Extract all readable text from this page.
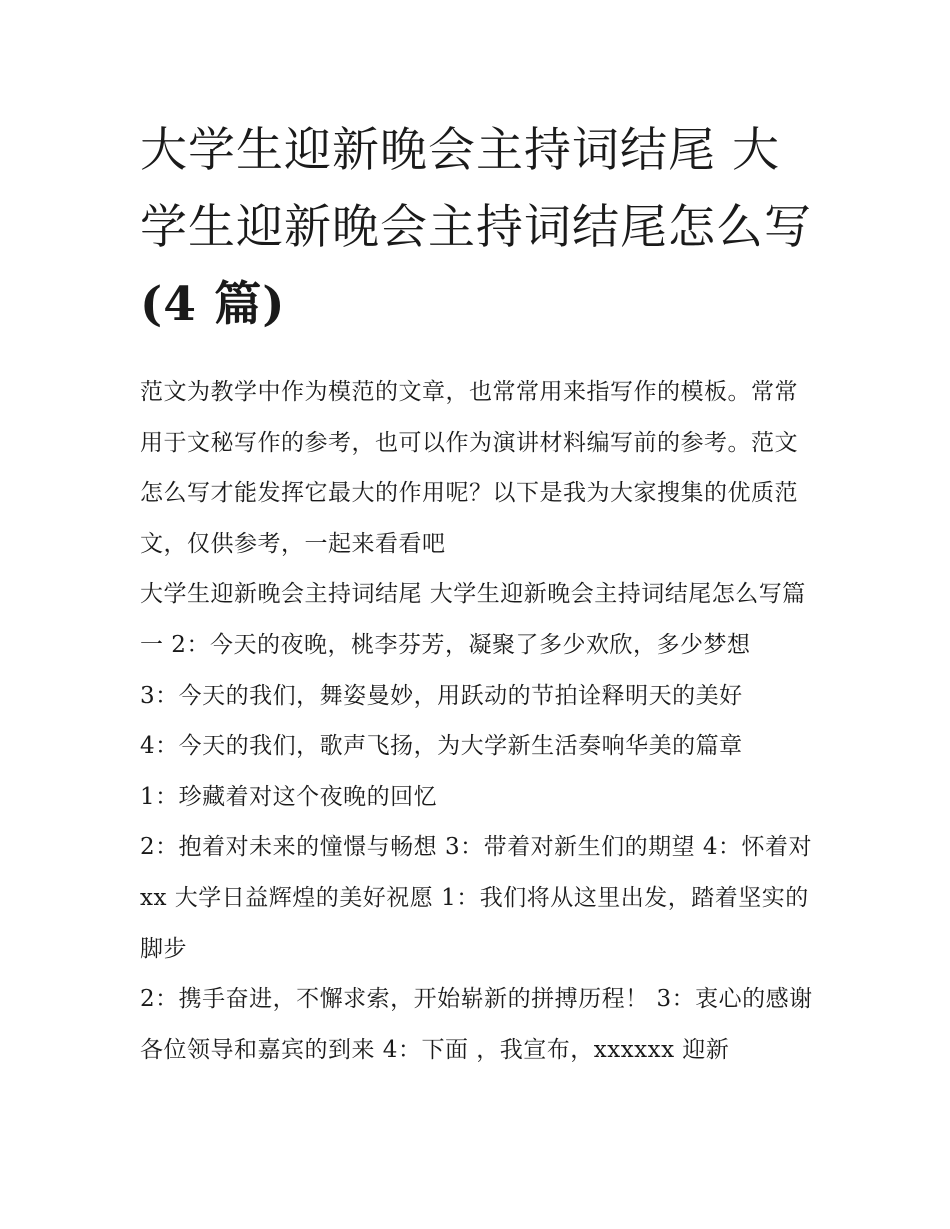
大学生迎新晚会主持词结尾 大学生迎新晚会主持词结尾怎么写(4 篇)

范文为教学中作为模范的文章，也常常用来指写作的模板。常常用于文秘写作的参考，也可以作为演讲材料编写前的参考。范文怎么写才能发挥它最大的作用呢？以下是我为大家搜集的优质范文，仅供参考，一起来看看吧

大学生迎新晚会主持词结尾 大学生迎新晚会主持词结尾怎么写篇一 2：今天的夜晚，桃李芬芳，凝聚了多少欢欣，多少梦想

3：今天的我们，舞姿曼妙，用跃动的节拍诠释明天的美好

4：今天的我们，歌声飞扬，为大学新生活奏响华美的篇章

1：珍藏着对这个夜晚的回忆

2：抱着对未来的憧憬与畅想 3：带着对新生们的期望 4：怀着对 xx 大学日益辉煌的美好祝愿 1：我们将从这里出发，踏着坚实的脚步

2：携手奋进，不懈求索，开始崭新的拼搏历程！ 3：衷心的感谢各位领导和嘉宾的到来 4：下面 ，我宣布，xxxxxx 迎新
